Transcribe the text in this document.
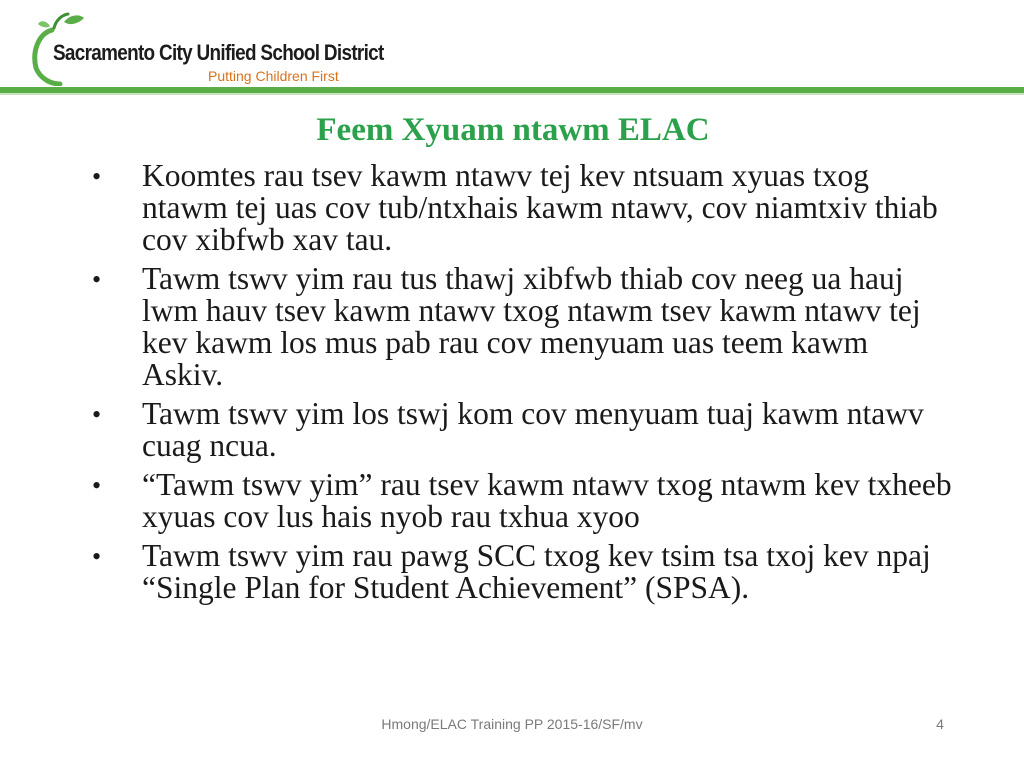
Sacramento City Unified School District
Putting Children First
Feem Xyuam ntawm ELAC
• Koomtes rau tsev kawm ntawv tej kev ntsuam xyuas txog ntawm tej uas cov tub/ntxhais kawm ntawv, cov niamtxiv thiab cov xibfwb xav tau.
• Tawm tswv yim rau tus thawj xibfwb thiab cov neeg ua hauj lwm hauv tsev kawm ntawv txog ntawm tsev kawm ntawv tej kev kawm los mus pab rau cov menyuam uas teem kawm Askiv.
• Tawm tswv yim los tswj kom cov menyuam tuaj kawm ntawv cuag ncua.
• “Tawm tswv yim” rau tsev kawm ntawv txog ntawm kev txheeb xyuas cov lus hais nyob rau txhua xyoo
• Tawm tswv yim rau pawg SCC txog kev tsim tsa txoj kev npaj “Single Plan for Student Achievement” (SPSA).
Hmong/ELAC Training PP 2015-16/SF/mv	4
